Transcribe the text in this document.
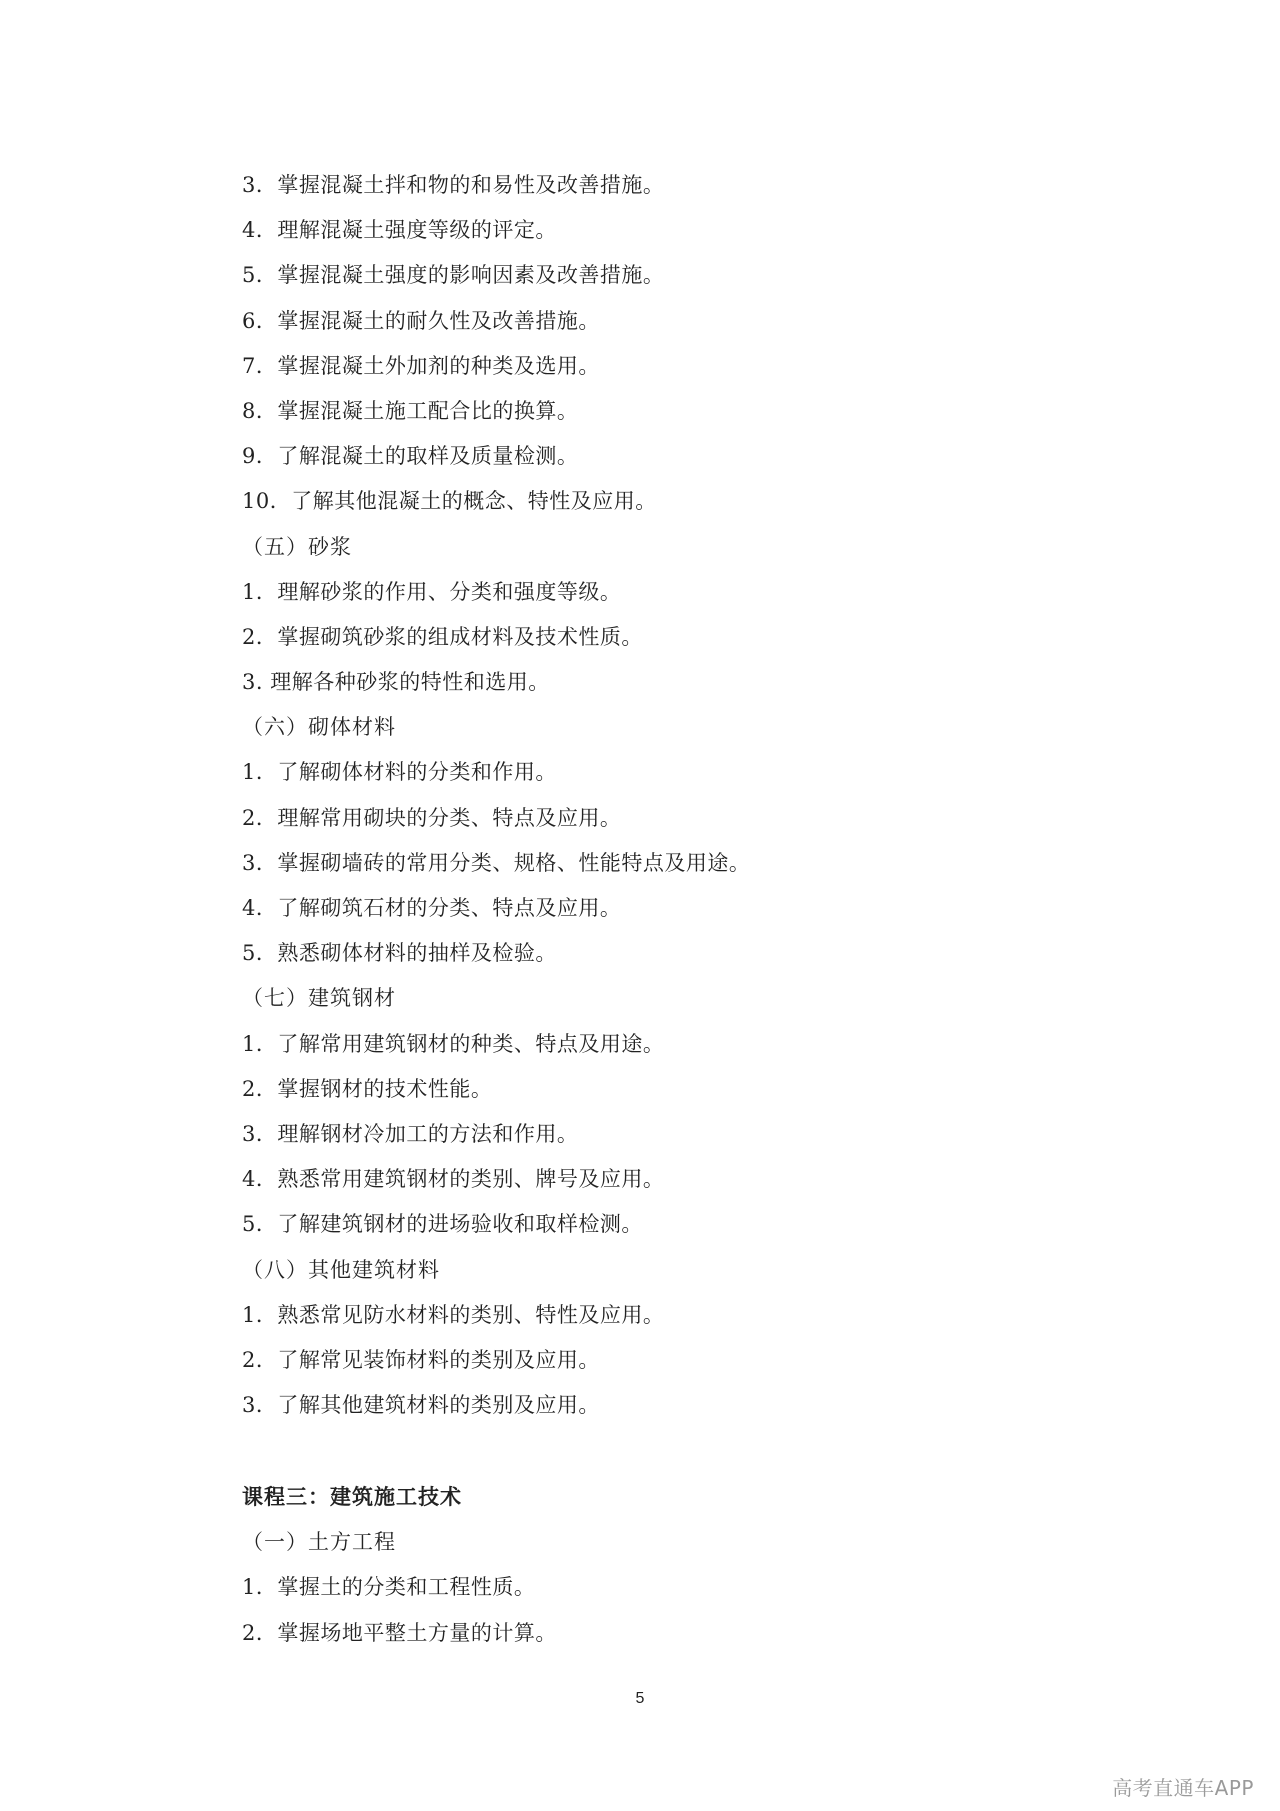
3．掌握混凝土拌和物的和易性及改善措施。
4．理解混凝土强度等级的评定。
5．掌握混凝土强度的影响因素及改善措施。
6．掌握混凝土的耐久性及改善措施。
7．掌握混凝土外加剂的种类及选用。
8．掌握混凝土施工配合比的换算。
9．了解混凝土的取样及质量检测。
10．了解其他混凝土的概念、特性及应用。
（五）砂浆
1．理解砂浆的作用、分类和强度等级。
2．掌握砌筑砂浆的组成材料及技术性质。
3. 理解各种砂浆的特性和选用。
（六）砌体材料
1．了解砌体材料的分类和作用。
2．理解常用砌块的分类、特点及应用。
3．掌握砌墙砖的常用分类、规格、性能特点及用途。
4．了解砌筑石材的分类、特点及应用。
5．熟悉砌体材料的抽样及检验。
（七）建筑钢材
1．了解常用建筑钢材的种类、特点及用途。
2．掌握钢材的技术性能。
3．理解钢材冷加工的方法和作用。
4．熟悉常用建筑钢材的类别、牌号及应用。
5．了解建筑钢材的进场验收和取样检测。
（八）其他建筑材料
1．熟悉常见防水材料的类别、特性及应用。
2．了解常见装饰材料的类别及应用。
3．了解其他建筑材料的类别及应用。
课程三：建筑施工技术
（一）土方工程
1．掌握土的分类和工程性质。
2．掌握场地平整土方量的计算。
5
高考直通车APP
